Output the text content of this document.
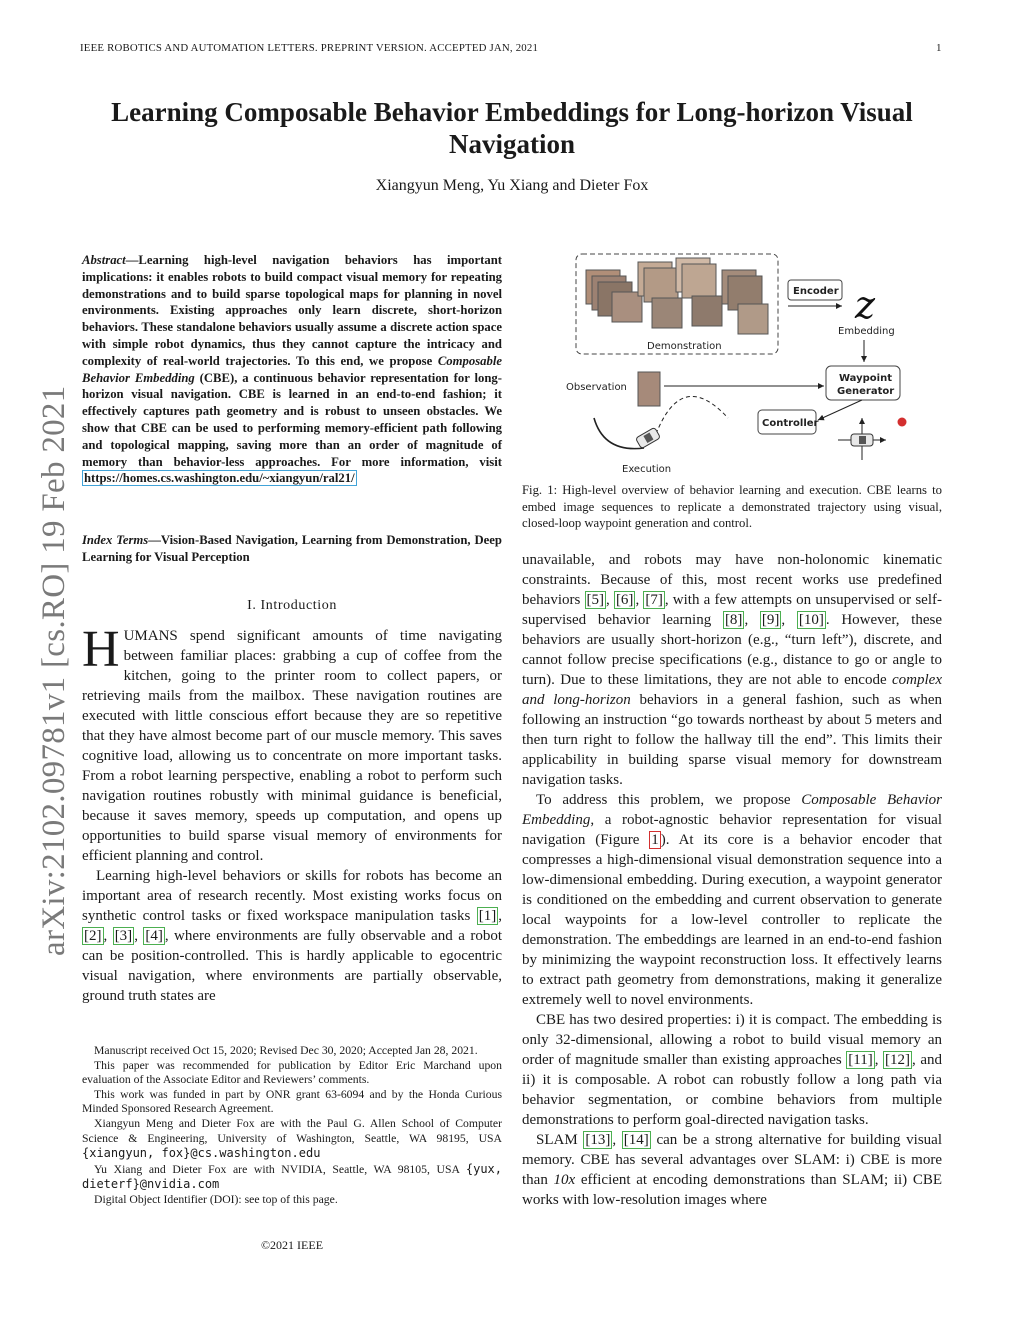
IEEE ROBOTICS AND AUTOMATION LETTERS. PREPRINT VERSION. ACCEPTED JAN, 2021	1
Learning Composable Behavior Embeddings for Long-horizon Visual Navigation
Xiangyun Meng, Yu Xiang and Dieter Fox
arXiv:2102.09781v1 [cs.RO] 19 Feb 2021
Abstract—Learning high-level navigation behaviors has important implications: it enables robots to build compact visual memory for repeating demonstrations and to build sparse topological maps for planning in novel environments. Existing approaches only learn discrete, short-horizon behaviors. These standalone behaviors usually assume a discrete action space with simple robot dynamics, thus they cannot capture the intricacy and complexity of real-world trajectories. To this end, we propose Composable Behavior Embedding (CBE), a continuous behavior representation for long-horizon visual navigation. CBE is learned in an end-to-end fashion; it effectively captures path geometry and is robust to unseen obstacles. We show that CBE can be used to performing memory-efficient path following and topological mapping, saving more than an order of magnitude of memory than behavior-less approaches. For more information, visit https://homes.cs.washington.edu/~xiangyun/ral21/
Index Terms—Vision-Based Navigation, Learning from Demonstration, Deep Learning for Visual Perception
I. Introduction

HUMANS spend significant amounts of time navigating between familiar places: grabbing a cup of coffee from the kitchen, going to the printer room to collect papers, or retrieving mails from the mailbox. These navigation routines are executed with little conscious effort because they are so repetitive that they have almost become part of our muscle memory. This saves cognitive load, allowing us to concentrate on more important tasks. From a robot learning perspective, enabling a robot to perform such navigation routines robustly with minimal guidance is beneficial, because it saves memory, speeds up computation, and opens up opportunities to build sparse visual memory of environments for efficient planning and control.

Learning high-level behaviors or skills for robots has become an important area of research recently. Most existing works focus on synthetic control tasks or fixed workspace manipulation tasks [1] , [2] , [3] , [4] , where environments are fully observable and a robot can be position-controlled. This is hardly applicable to egocentric visual navigation, where environments are partially observable, ground truth states are

Manuscript received Oct 15, 2020; Revised Dec 30, 2020; Accepted Jan 28, 2021.

This paper was recommended for publication by Editor Eric Marchand upon evaluation of the Associate Editor and Reviewers’ comments.

This work was funded in part by ONR grant 63-6094 and by the Honda Curious Minded Sponsored Research Agreement.

Xiangyun Meng and Dieter Fox are with the Paul G. Allen School of Computer Science & Engineering, University of Washington, Seattle, WA 98195, USA {xiangyun, fox}@cs.washington.edu

Yu Xiang and Dieter Fox are with NVIDIA, Seattle, WA 98105, USA {yux, dieterf}@nvidia.com

Digital Object Identifier (DOI): see top of this page.

©2021 IEEE
Demonstration
Encoder z
Embedding
Waypoint
Generator
Observation
Controller
Execution
Fig. 1: High-level overview of behavior learning and execution. CBE learns to embed image sequences to replicate a demonstrated trajectory using visual, closed-loop waypoint generation and control.

unavailable, and robots may have non-holonomic kinematic constraints. Because of this, most recent works use predefined behaviors [5] , [6] , [7] , with a few attempts on unsupervised or self-supervised behavior learning [8] , [9] , [10] . However, these behaviors are usually short-horizon (e.g., “turn left”), discrete, and cannot follow precise specifications (e.g., distance to go or angle to turn). Due to these limitations, they are not able to encode complex and long-horizon behaviors in a general fashion, such as when following an instruction “go towards northeast by about 5 meters and then turn right to follow the hallway till the end”. This limits their applicability in building sparse visual memory for downstream navigation tasks.

To address this problem, we propose Composable Behavior Embedding, a robot-agnostic behavior representation for visual navigation (Figure 1 ). At its core is a behavior encoder that compresses a high-dimensional visual demonstration sequence into a low-dimensional embedding. During execution, a waypoint generator is conditioned on the embedding and current observation to generate local waypoints for a low-level controller to replicate the demonstration. The embeddings are learned in an end-to-end fashion by minimizing the waypoint reconstruction loss. It effectively learns to extract path geometry from demonstrations, making it generalize extremely well to novel environments.

CBE has two desired properties: i) it is compact. The embedding is only 32-dimensional, allowing a robot to build visual memory an order of magnitude smaller than existing approaches [11] , [12] , and ii) it is composable. A robot can robustly follow a long path via behavior segmentation, or combine behaviors from multiple demonstrations to perform goal-directed navigation tasks.

SLAM [13] , [14] can be a strong alternative for building visual memory. CBE has several advantages over SLAM: i) CBE is more than 10x efficient at encoding demonstrations than SLAM; ii) CBE works with low-resolution images where
